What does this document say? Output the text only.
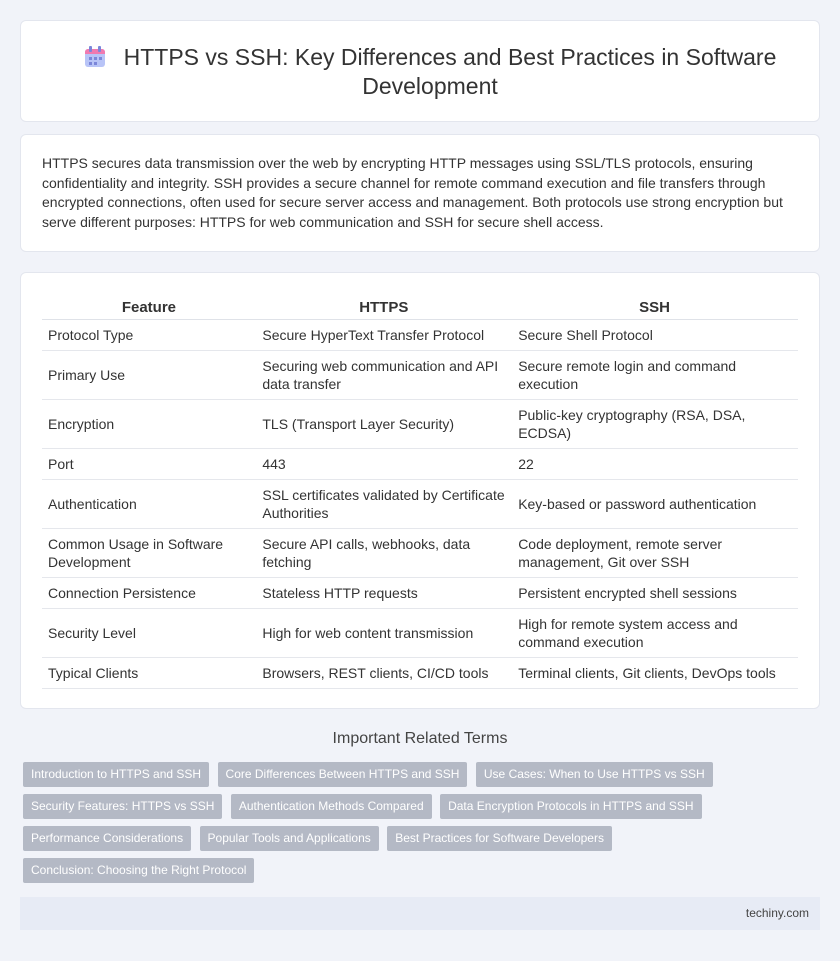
HTTPS vs SSH: Key Differences and Best Practices in Software Development

HTTPS secures data transmission over the web by encrypting HTTP messages using SSL/TLS protocols, ensuring confidentiality and integrity. SSH provides a secure channel for remote command execution and file transfers through encrypted connections, often used for secure server access and management. Both protocols use strong encryption but serve different purposes: HTTPS for web communication and SSH for secure shell access.

Feature	HTTPS	SSH
Protocol Type	Secure HyperText Transfer Protocol	Secure Shell Protocol
Primary Use	Securing web communication and API data transfer	Secure remote login and command execution
Encryption	TLS (Transport Layer Security)	Public-key cryptography (RSA, DSA, ECDSA)
Port	443	22
Authentication	SSL certificates validated by Certificate Authorities	Key-based or password authentication
Common Usage in Software Development	Secure API calls, webhooks, data fetching	Code deployment, remote server management, Git over SSH
Connection Persistence	Stateless HTTP requests	Persistent encrypted shell sessions
Security Level	High for web content transmission	High for remote system access and command execution
Typical Clients	Browsers, REST clients, CI/CD tools	Terminal clients, Git clients, DevOps tools
Important Related Terms
Introduction to HTTPS and SSH Core Differences Between HTTPS and SSH Use Cases: When to Use HTTPS vs SSH Security Features: HTTPS vs SSH Authentication Methods Compared Data Encryption Protocols in HTTPS and SSH Performance Considerations Popular Tools and Applications Best Practices for Software Developers Conclusion: Choosing the Right Protocol
techiny.com
